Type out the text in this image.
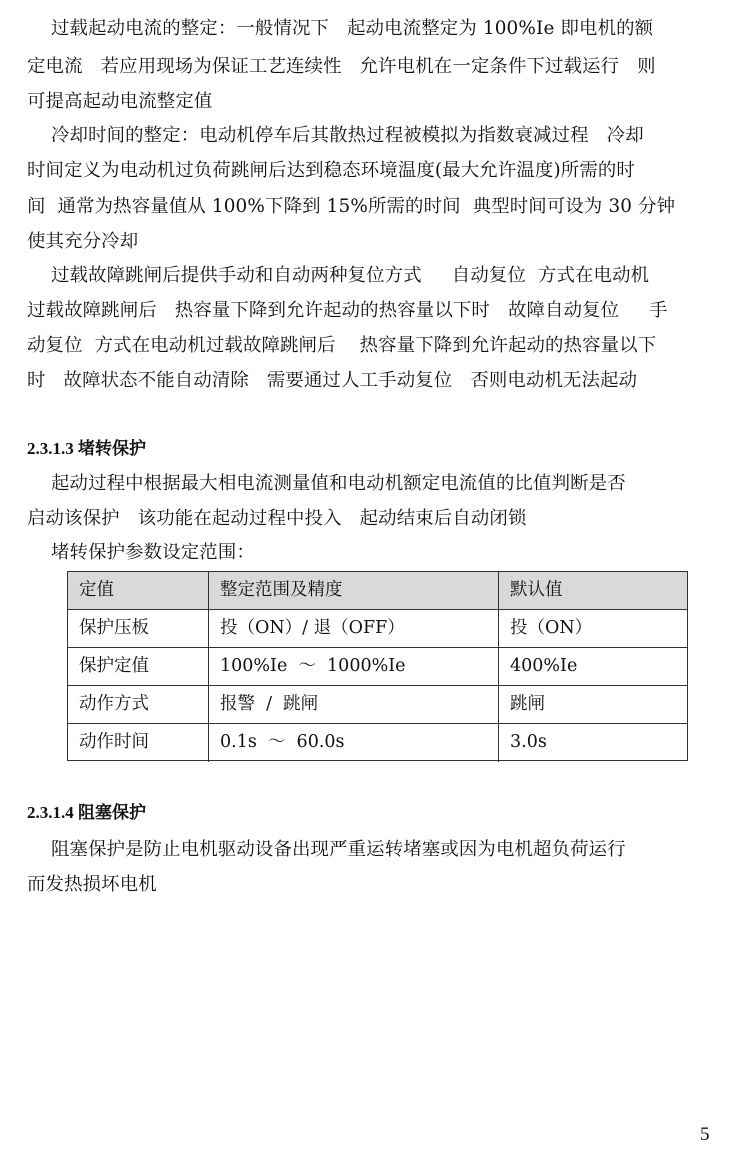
过载起动电流的整定：一般情况下   起动电流整定为 100%Ie 即电机的额
定电流   若应用现场为保证工艺连续性   允许电机在一定条件下过载运行   则
可提高起动电流整定值
冷却时间的整定：电动机停车后其散热过程被模拟为指数衰减过程   冷却
时间定义为电动机过负荷跳闸后达到稳态环境温度(最大允许温度)所需的时
间  通常为热容量值从 100%下降到 15%所需的时间  典型时间可设为 30 分钟
使其充分冷却
过载故障跳闸后提供手动和自动两种复位方式     自动复位  方式在电动机
过载故障跳闸后   热容量下降到允许起动的热容量以下时   故障自动复位     手
动复位  方式在电动机过载故障跳闸后    热容量下降到允许起动的热容量以下
时   故障状态不能自动清除   需要通过人工手动复位   否则电动机无法起动
2.3.1.3 堵转保护
起动过程中根据最大相电流测量值和电动机额定电流值的比值判断是否
启动该保护   该功能在起动过程中投入   起动结束后自动闭锁
堵转保护参数设定范围：
定值	整定范围及精度	默认值
保护压板	投（ON）/ 退（OFF）	投（ON）
保护定值	100%Ie  ～  1000%Ie	400%Ie
动作方式	报警  /  跳闸	跳闸
动作时间	0.1s  ～  60.0s	3.0s
2.3.1.4 阻塞保护
阻塞保护是防止电机驱动设备出现严重运转堵塞或因为电机超负荷运行
而发热损坏电机
5
